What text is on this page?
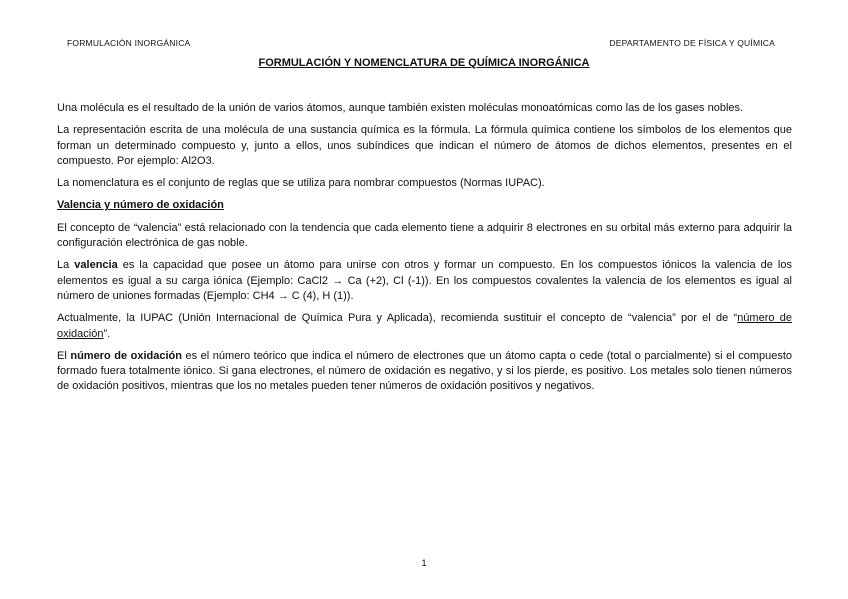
FORMULACIÓN INORGÁNICA	DEPARTAMENTO DE FÍSICA Y QUÍMICA
FORMULACIÓN Y NOMENCLATURA DE QUÍMICA INORGÁNICA

Una molécula es el resultado de la unión de varios átomos, aunque también existen moléculas monoatómicas como las de los gases nobles.

La representación escrita de una molécula de una sustancia química es la fórmula. La fórmula química contiene los símbolos de los elementos que forman un determinado compuesto y, junto a ellos, unos subíndices que indican el número de átomos de dichos elementos, presentes en el compuesto. Por ejemplo: Al2O3.

La nomenclatura es el conjunto de reglas que se utiliza para nombrar compuestos (Normas IUPAC).

Valencia y número de oxidación

El concepto de “valencia” está relacionado con la tendencia que cada elemento tiene a adquirir 8 electrones en su orbital más externo para adquirir la configuración electrónica de gas noble.

La valencia es la capacidad que posee un átomo para unirse con otros y formar un compuesto. En los compuestos iónicos la valencia de los elementos es igual a su carga iónica (Ejemplo: CaCl2 → Ca (+2), Cl (-1)). En los compuestos covalentes la valencia de los elementos es igual al número de uniones formadas (Ejemplo: CH4 → C (4), H (1)).

Actualmente, la IUPAC (Unión Internacional de Química Pura y Aplicada), recomienda sustituir el concepto de “valencia” por el de “número de oxidación”.

El número de oxidación es el número teórico que indica el número de electrones que un átomo capta o cede (total o parcialmente) si el compuesto formado fuera totalmente iónico. Si gana electrones, el número de oxidación es negativo, y si los pierde, es positivo. Los metales solo tienen números de oxidación positivos, mientras que los no metales pueden tener números de oxidación positivos y negativos.

1
